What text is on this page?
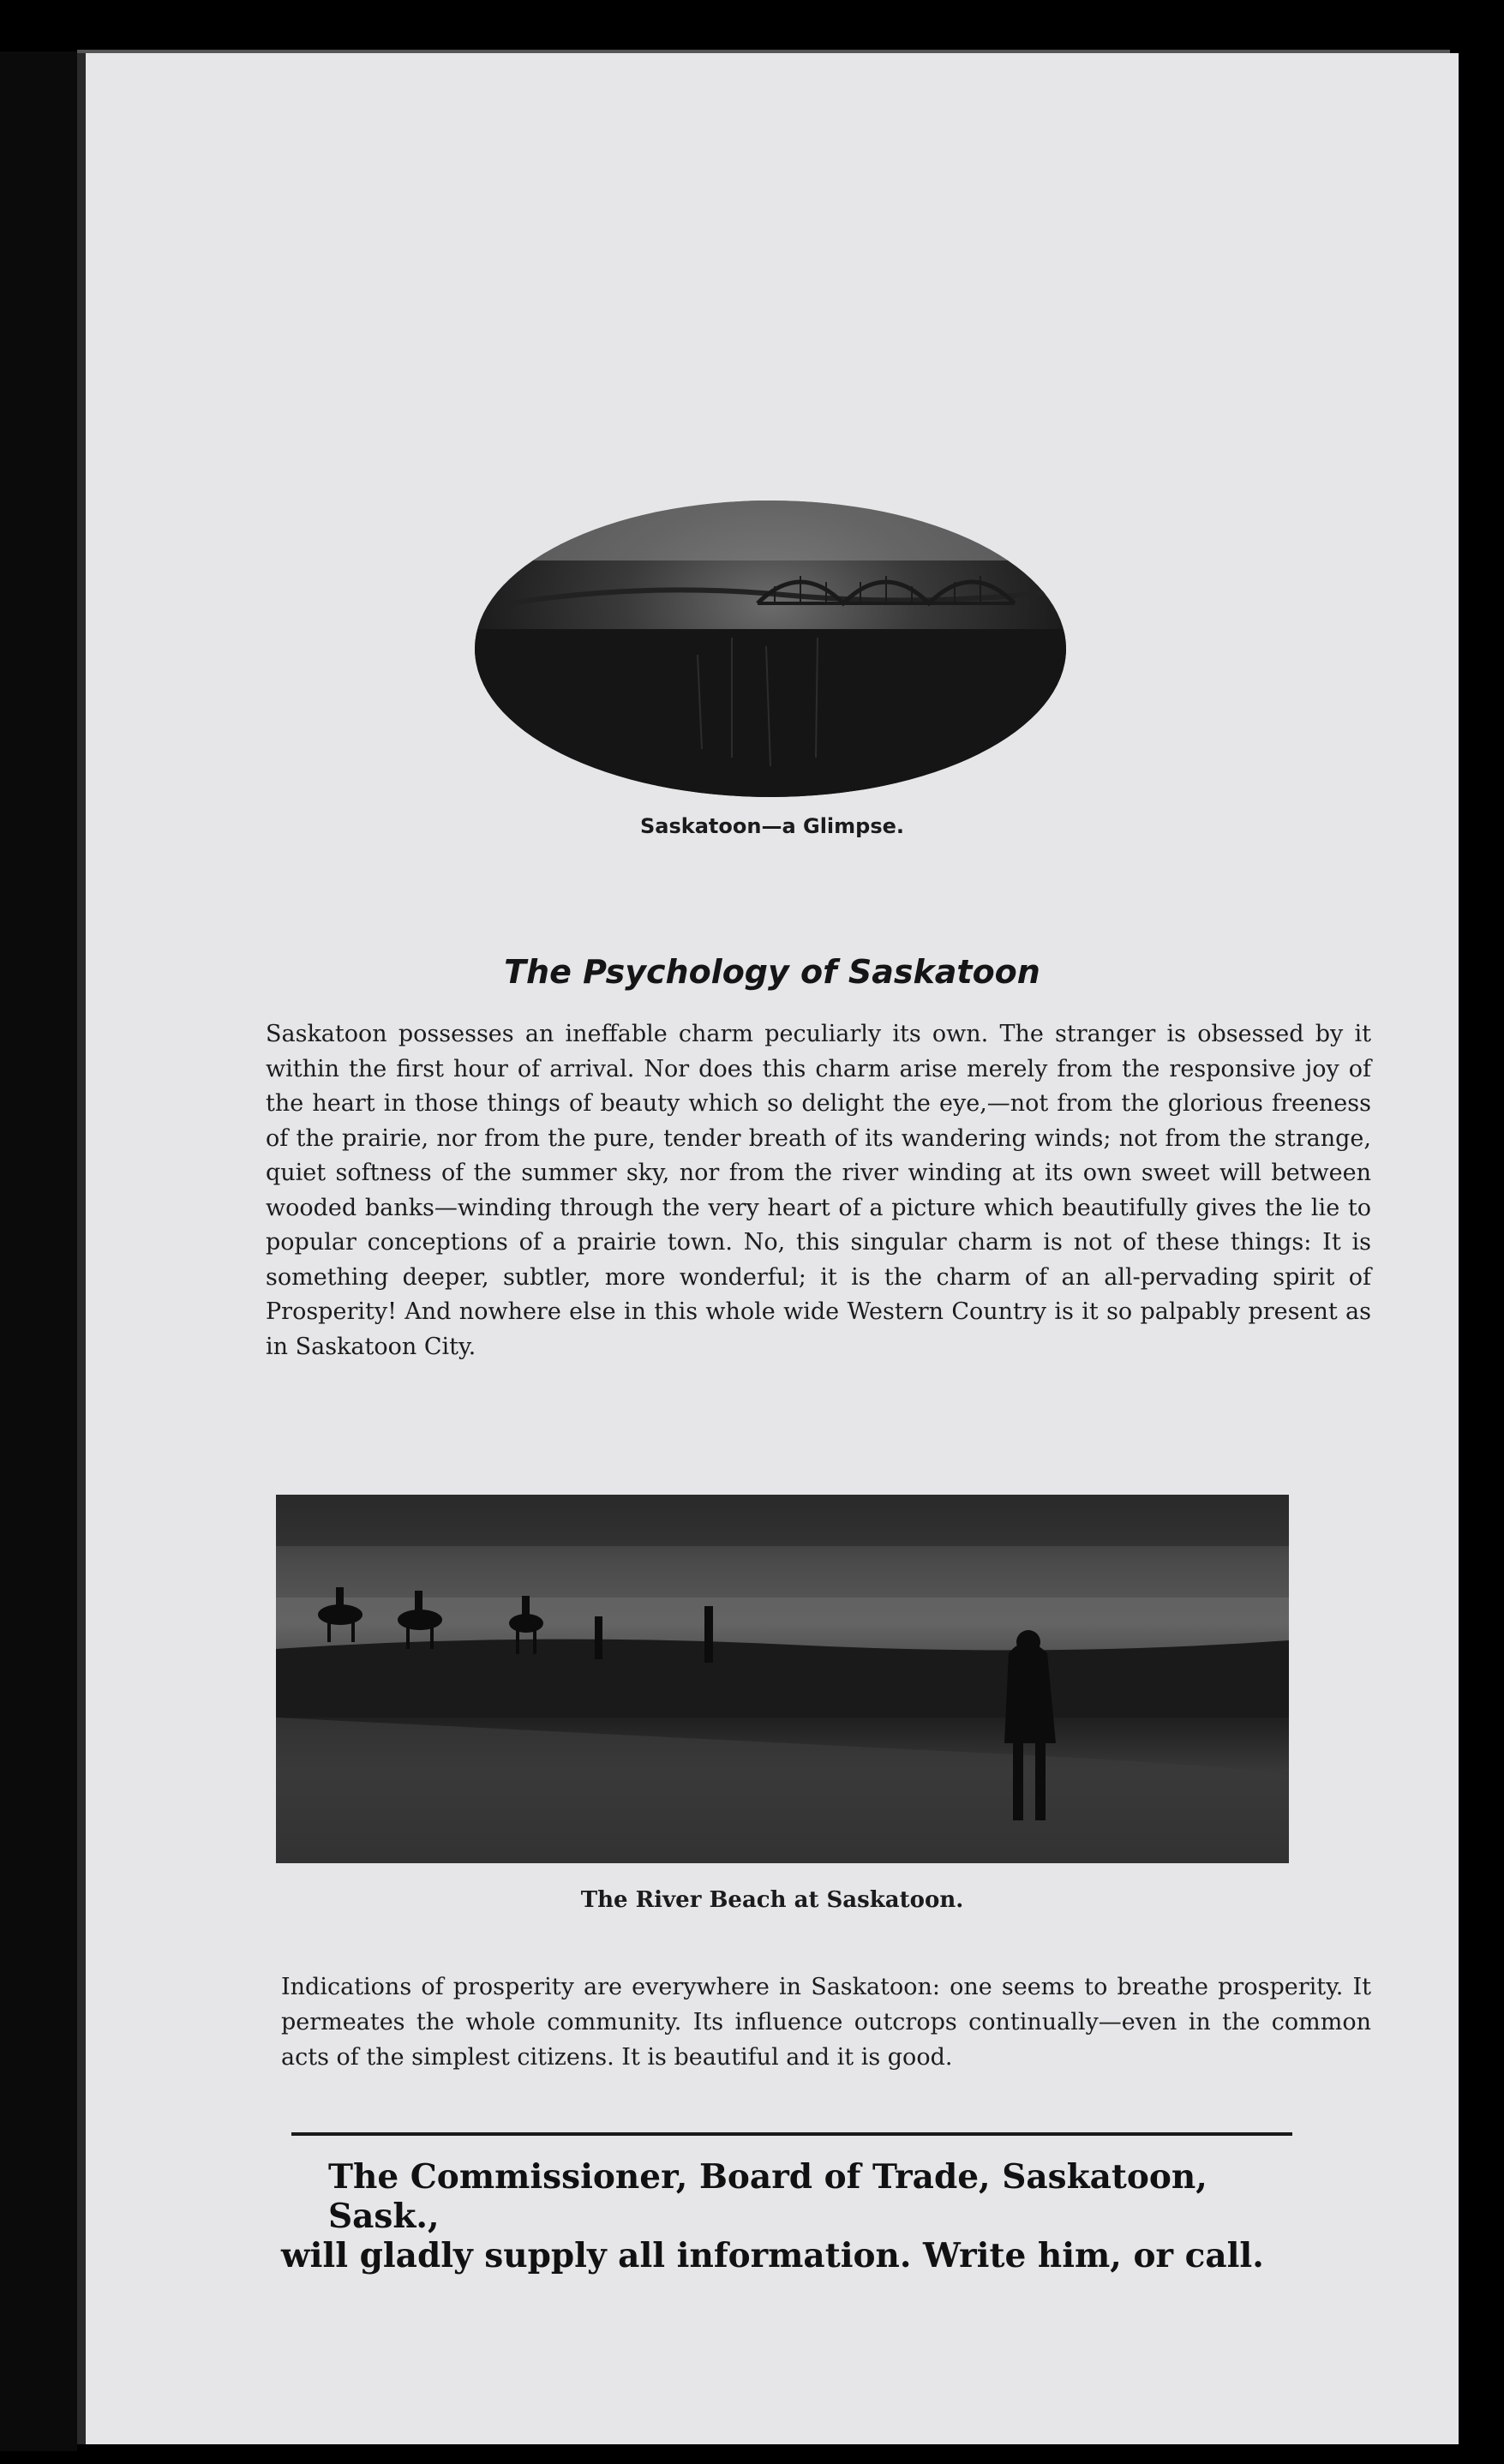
Saskatoon—a Glimpse.
The Psychology of Saskatoon
Saskatoon possesses an ineffable charm peculiarly its own. The stranger is obsessed by it within the first hour of arrival. Nor does this charm arise merely from the responsive joy of the heart in those things of beauty which so delight the eye,—not from the glorious freeness of the prairie, nor from the pure, tender breath of its wandering winds; not from the strange, quiet softness of the summer sky, nor from the river winding at its own sweet will between wooded banks—winding through the very heart of a picture which beautifully gives the lie to popular conceptions of a prairie town. No, this singular charm is not of these things: It is something deeper, subtler, more wonderful; it is the charm of an all-pervading spirit of Prosperity! And nowhere else in this whole wide Western Country is it so palpably present as in Saskatoon City.
The River Beach at Saskatoon.
Indications of prosperity are everywhere in Saskatoon: one seems to breathe prosperity. It permeates the whole community. Its influence outcrops continually—even in the common acts of the simplest citizens. It is beautiful and it is good.
The Commissioner, Board of Trade, Saskatoon, Sask.,
will gladly supply all information. Write him, or call.
